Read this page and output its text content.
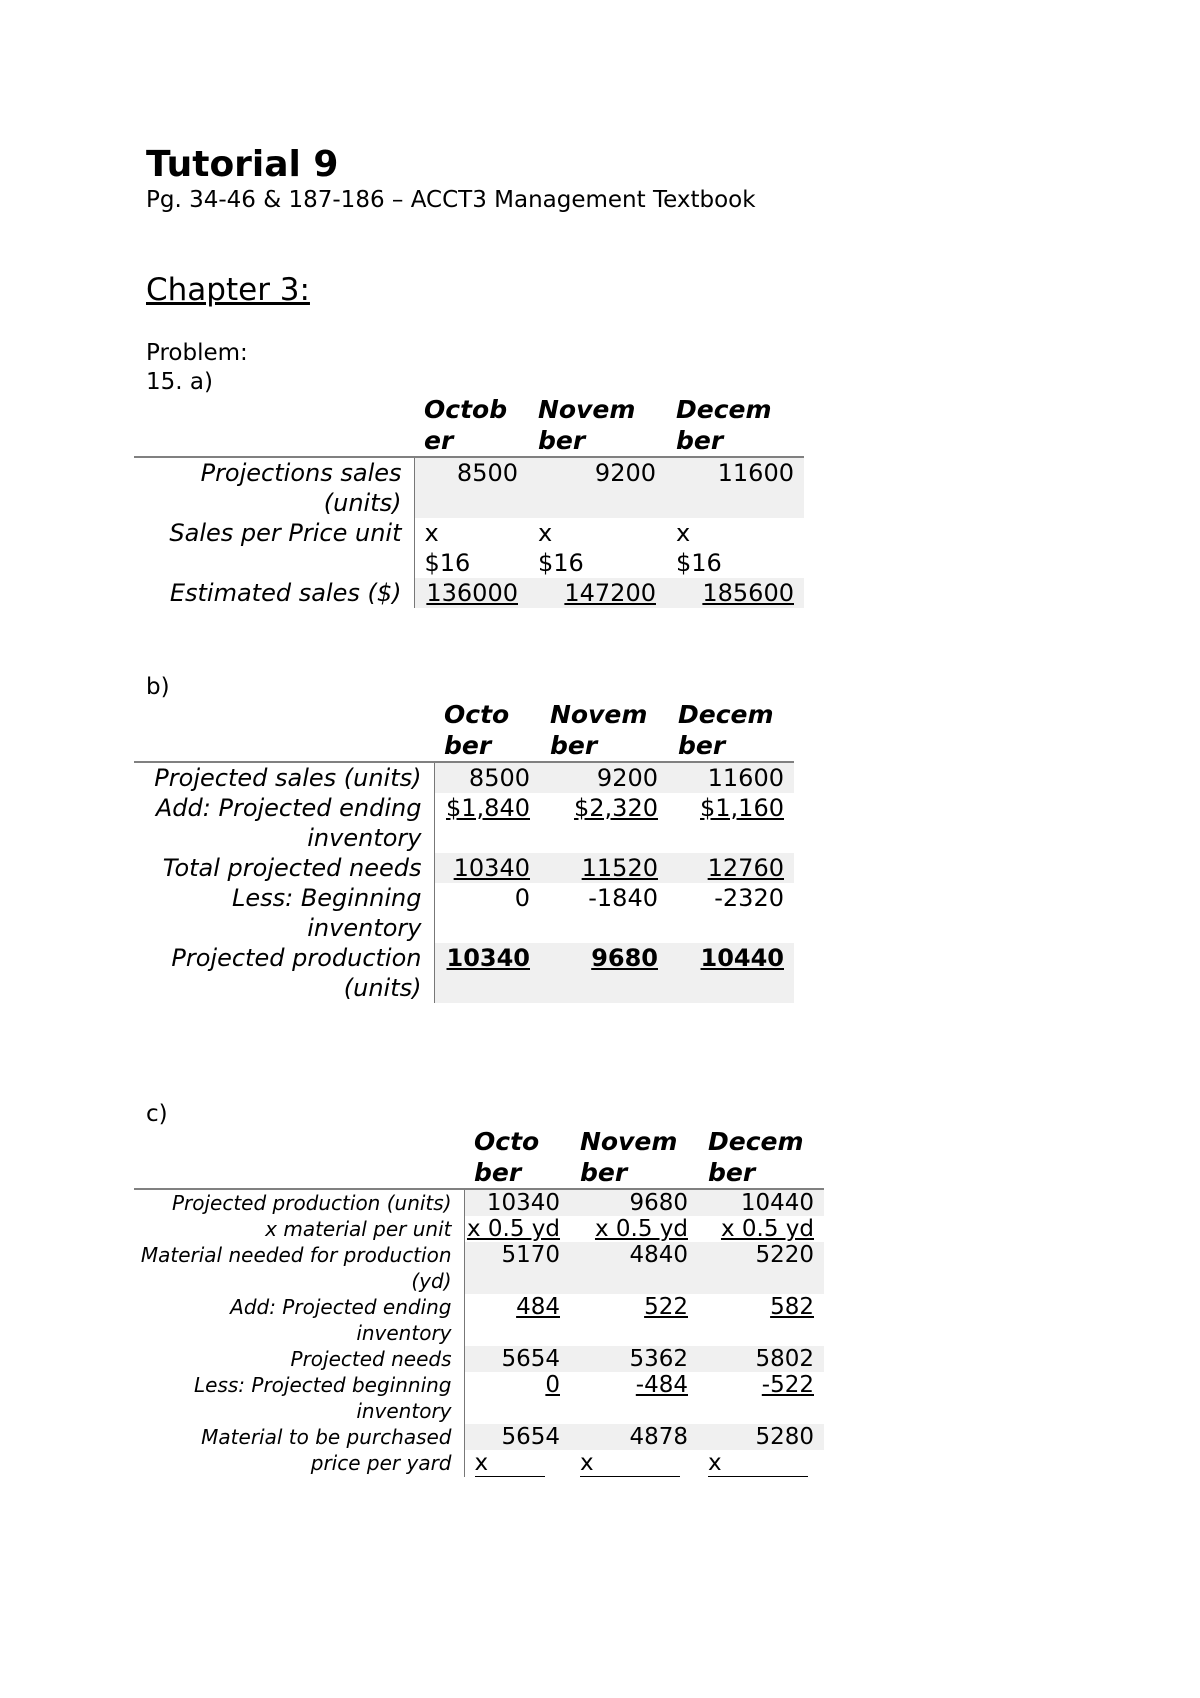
Tutorial 9
Pg. 34-46 & 187-186 – ACCT3 Management Textbook
Chapter 3:
Problem:
15. a)
	Octob er	Novem ber	Decem ber
Projections sales (units)	8500	9200	11600
Sales per Price unit	x $16	x $16	x $16
Estimated sales ($)	136000	147200	185600
b)
	Octo ber	Novem ber	Decem ber
Projected sales (units)	8500	9200	11600
Add: Projected ending inventory	$1,840	$2,320	$1,160
Total projected needs	10340	11520	12760
Less: Beginning inventory	0	-1840	-2320
Projected production (units)	10340	9680	10440
c)
	Octo ber	Novem ber	Decem ber
Projected production (units)	10340	9680	10440
x material per unit	x 0.5 yd	x 0.5 yd	x 0.5 yd
Material needed for production (yd)	5170	4840	5220
Add: Projected ending inventory	484	522	582
Projected needs	5654	5362	5802
Less: Projected beginning inventory	0	-484	-522
Material to be purchased	5654	4878	5280
price per yard	x	x	x
